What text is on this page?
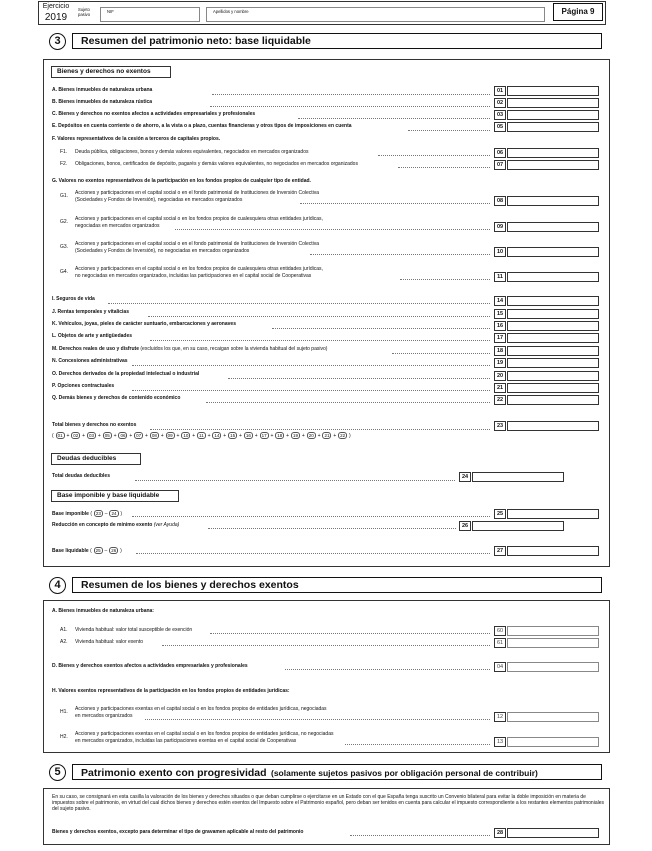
Ejercicio
2019
Sujeto pasivo
NIF	Apellidos y nombre	Página 9
3	Resumen del patrimonio neto: base liquidable
Bienes y derechos no exentos
A. Bienes inmuebles de naturaleza urbana	01
B. Bienes inmuebles de naturaleza rústica	02
C. Bienes y derechos no exentos afectos a actividades empresariales y profesionales	03
E. Depósitos en cuenta corriente o de ahorro, a la vista o a plazo, cuentas financieras y otros tipos de imposiciones en cuenta	05
F. Valores representativos de la cesión a terceros de capitales propios.
F1. Deuda pública, obligaciones, bonos y demás valores equivalentes, negociados en mercados organizados	06
F2. Obligaciones, bonos, certificados de depósito, pagarés y demás valores equivalentes, no negociados en mercados organizados	07
G. Valores no exentos representativos de la participación en los fondos propios de cualquier tipo de entidad.
G1. Acciones y participaciones en el capital social o en el fondo patrimonial de Instituciones de Inversión Colectiva
(Sociedades y Fondos de Inversión), negociadas en mercados organizados	08
G2. Acciones y participaciones en el capital social o en los fondos propios de cualesquiera otras entidades jurídicas,
negociadas en mercados organizados	09
G3. Acciones y participaciones en el capital social o en el fondo patrimonial de Instituciones de Inversión Colectiva
(Sociedades y Fondos de Inversión), no negociadas en mercados organizados	10
G4. Acciones y participaciones en el capital social o en los fondos propios de cualesquiera otras entidades jurídicas,
no negociadas en mercados organizados, incluidas las participaciones en el capital social de Cooperativas	11
I. Seguros de vida	14
J. Rentas temporales y vitalicias	15
K. Vehículos, joyas, pieles de carácter suntuario, embarcaciones y aeronaves	16
L. Objetos de arte y antigüedades	17
M. Derechos reales de uso y disfrute (excluidos los que, en su caso, recaigan sobre la vivienda habitual del sujeto pasivo)	18
N. Concesiones administrativas	19
O. Derechos derivados de la propiedad intelectual o industrial	20
P. Opciones contractuales	21
Q. Demás bienes y derechos de contenido económico	22
Total bienes y derechos no exentos	23
( 01 + 02 + 03 + 05 + 06 + 07 + 08 + 09 + 10 + 11 + 14 + 15 + 16 + 17 + 18 + 19 + 20 + 21 + 22 )
Deudas deducibles
Total deudas deducibles	24
Base imponible y base liquidable
Base imponible ( 23 – 24 )	25
Reducción en concepto de mínimo exento (ver Ayuda)	26
Base liquidable ( 25 – 26 )	27
4	Resumen de los bienes y derechos exentos
A. Bienes inmuebles de naturaleza urbana:
A1. Vivienda habitual: valor total susceptible de exención	60
A2. Vivienda habitual: valor exento	61
D. Bienes y derechos exentos afectos a actividades empresariales y profesionales	04
H. Valores exentos representativos de la participación en los fondos propios de entidades jurídicas:
H1. Acciones y participaciones exentas en el capital social o en los fondos propios de entidades jurídicas, negociadas
en mercados organizados	12
H2. Acciones y participaciones exentas en el capital social o en los fondos propios de entidades jurídicas, no negociadas
en mercados organizados, incluidas las participaciones exentas en el capital social de Cooperativas	13
5	Patrimonio exento con progresividad (solamente sujetos pasivos por obligación personal de contribuir)
En su caso, se consignará en esta casilla la valoración de los bienes y derechos situados o que deban cumplirse o ejercitarse en un Estado con el que España tenga suscrito un Convenio bilateral para evitar la doble imposición en materia de impuestos sobre el patrimonio, en virtud del cual dichos bienes y derechos estén exentos del Impuesto sobre el Patrimonio español, pero deban ser tenidos en cuenta para calcular el impuesto correspondiente a los restantes elementos patrimoniales del sujeto pasivo.
Bienes y derechos exentos, excepto para determinar el tipo de gravamen aplicable al resto del patrimonio	28
